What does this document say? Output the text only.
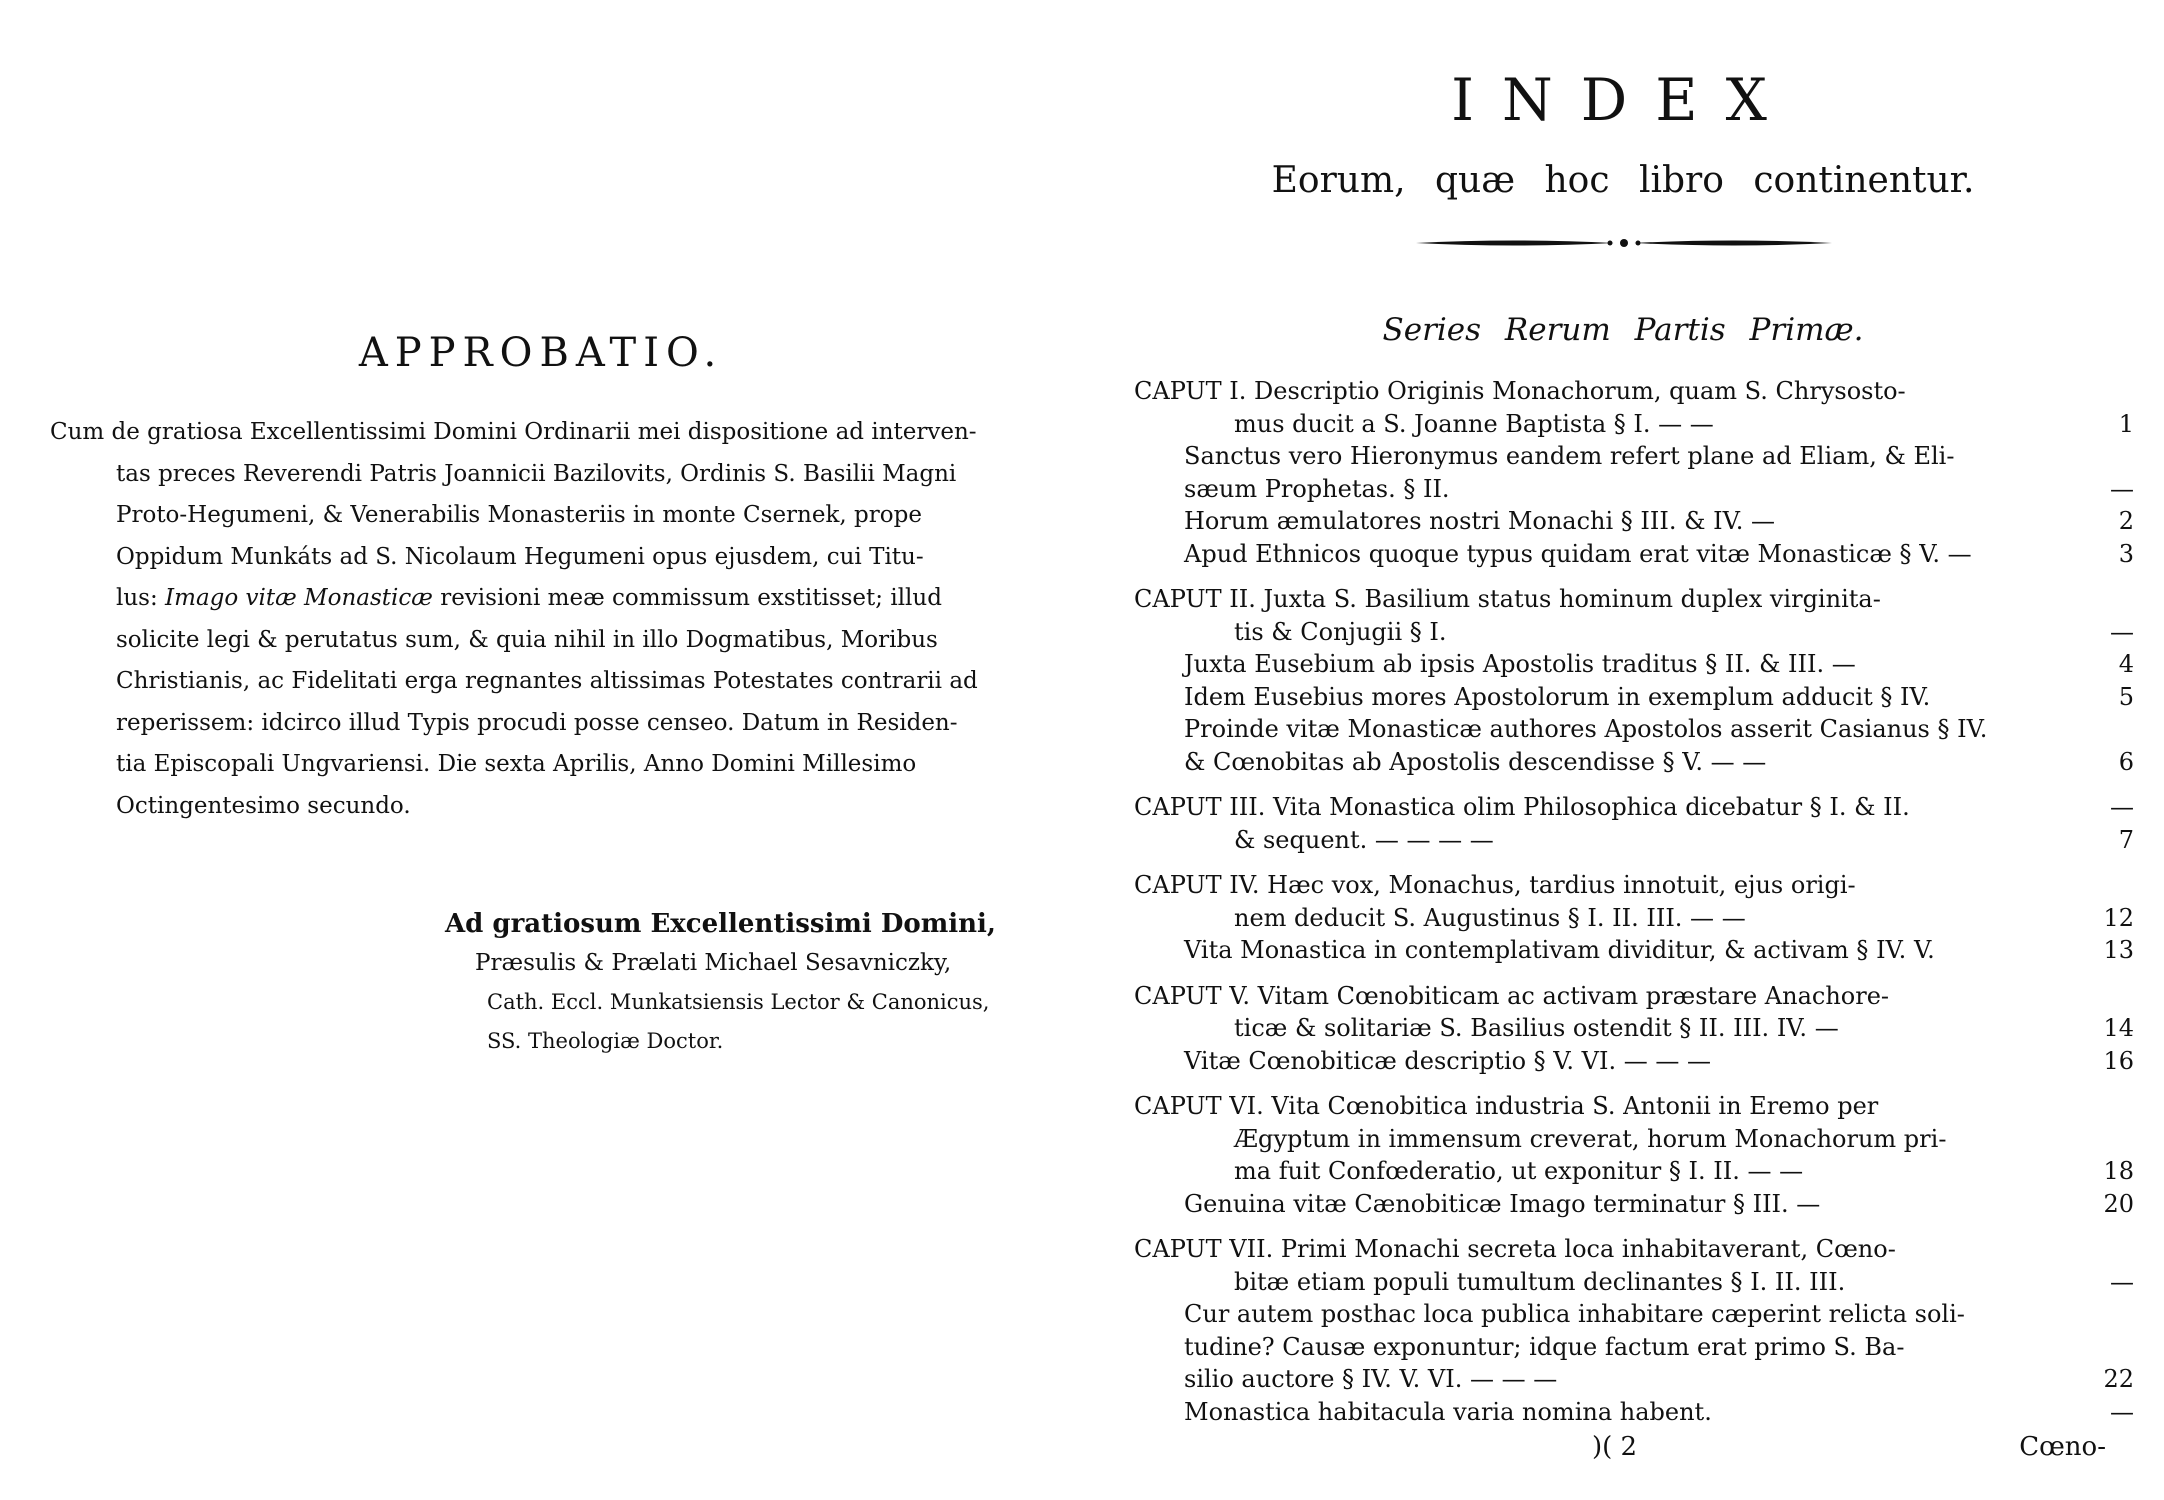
APPROBATIO.
Cum de gratiosa Excellentissimi Domini Ordinarii mei dispositione ad interven-
tas preces Reverendi Patris Joannicii Bazilovits, Ordinis S. Basilii Magni
Proto-Hegumeni, & Venerabilis Monasteriis in monte Csernek, prope
Oppidum Munkáts ad S. Nicolaum Hegumeni opus ejusdem, cui Titu-
lus: Imago vitæ Monasticæ revisioni meæ commissum exstitisset; illud
solicite legi & perutatus sum, & quia nihil in illo Dogmatibus, Moribus
Christianis, ac Fidelitati erga regnantes altissimas Potestates contrarii ad
reperissem: idcirco illud Typis procudi posse censeo. Datum in Residen-
tia Episcopali Ungvariensi. Die sexta Aprilis, Anno Domini Millesimo
Octingentesimo secundo.
Ad gratiosum Excellentissimi Domini,
Præsulis & Prælati Michael Sesavniczky,
Cath. Eccl. Munkatsiensis Lector & Canonicus,
SS. Theologiæ Doctor.
INDEX
Eorum, quæ hoc libro continentur.
Series Rerum Partis Primæ.
CAPUT I. Descriptio Originis Monachorum, quam S. Chrysosto-
mus ducit a S. Joanne Baptista § I. — —	1
Sanctus vero Hieronymus eandem refert plane ad Eliam, & Eli-
sæum Prophetas. § II.	—
Horum æmulatores nostri Monachi § III. & IV. —	2
Apud Ethnicos quoque typus quidam erat vitæ Monasticæ § V. —	3
CAPUT II. Juxta S. Basilium status hominum duplex virginita-
tis & Conjugii § I.	—
Juxta Eusebium ab ipsis Apostolis traditus § II. & III. —	4
Idem Eusebius mores Apostolorum in exemplum adducit § IV.	5
Proinde vitæ Monasticæ authores Apostolos asserit Casianus § IV.
& Cœnobitas ab Apostolis descendisse § V. — —	6
CAPUT III. Vita Monastica olim Philosophica dicebatur § I. & II.	—
& sequent. — — — —	7
CAPUT IV. Hæc vox, Monachus, tardius innotuit, ejus origi-
nem deducit S. Augustinus § I. II. III. — —	12
Vita Monastica in contemplativam dividitur, & activam § IV. V.	13
CAPUT V. Vitam Cœnobiticam ac activam præstare Anachore-
ticæ & solitariæ S. Basilius ostendit § II. III. IV. —	14
Vitæ Cœnobiticæ descriptio § V. VI. — — —	16
CAPUT VI. Vita Cœnobitica industria S. Antonii in Eremo per
Ægyptum in immensum creverat, horum Monachorum pri-
ma fuit Confœderatio, ut exponitur § I. II. — —	18
Genuina vitæ Cænobiticæ Imago terminatur § III. —	20
CAPUT VII. Primi Monachi secreta loca inhabitaverant, Cœno-
bitæ etiam populi tumultum declinantes § I. II. III.	—
Cur autem posthac loca publica inhabitare cæperint relicta soli-
tudine? Causæ exponuntur; idque factum erat primo S. Ba-
silio auctore § IV. V. VI. — — —	22
Monastica habitacula varia nomina habent.	—
)( 2	Cœno-
